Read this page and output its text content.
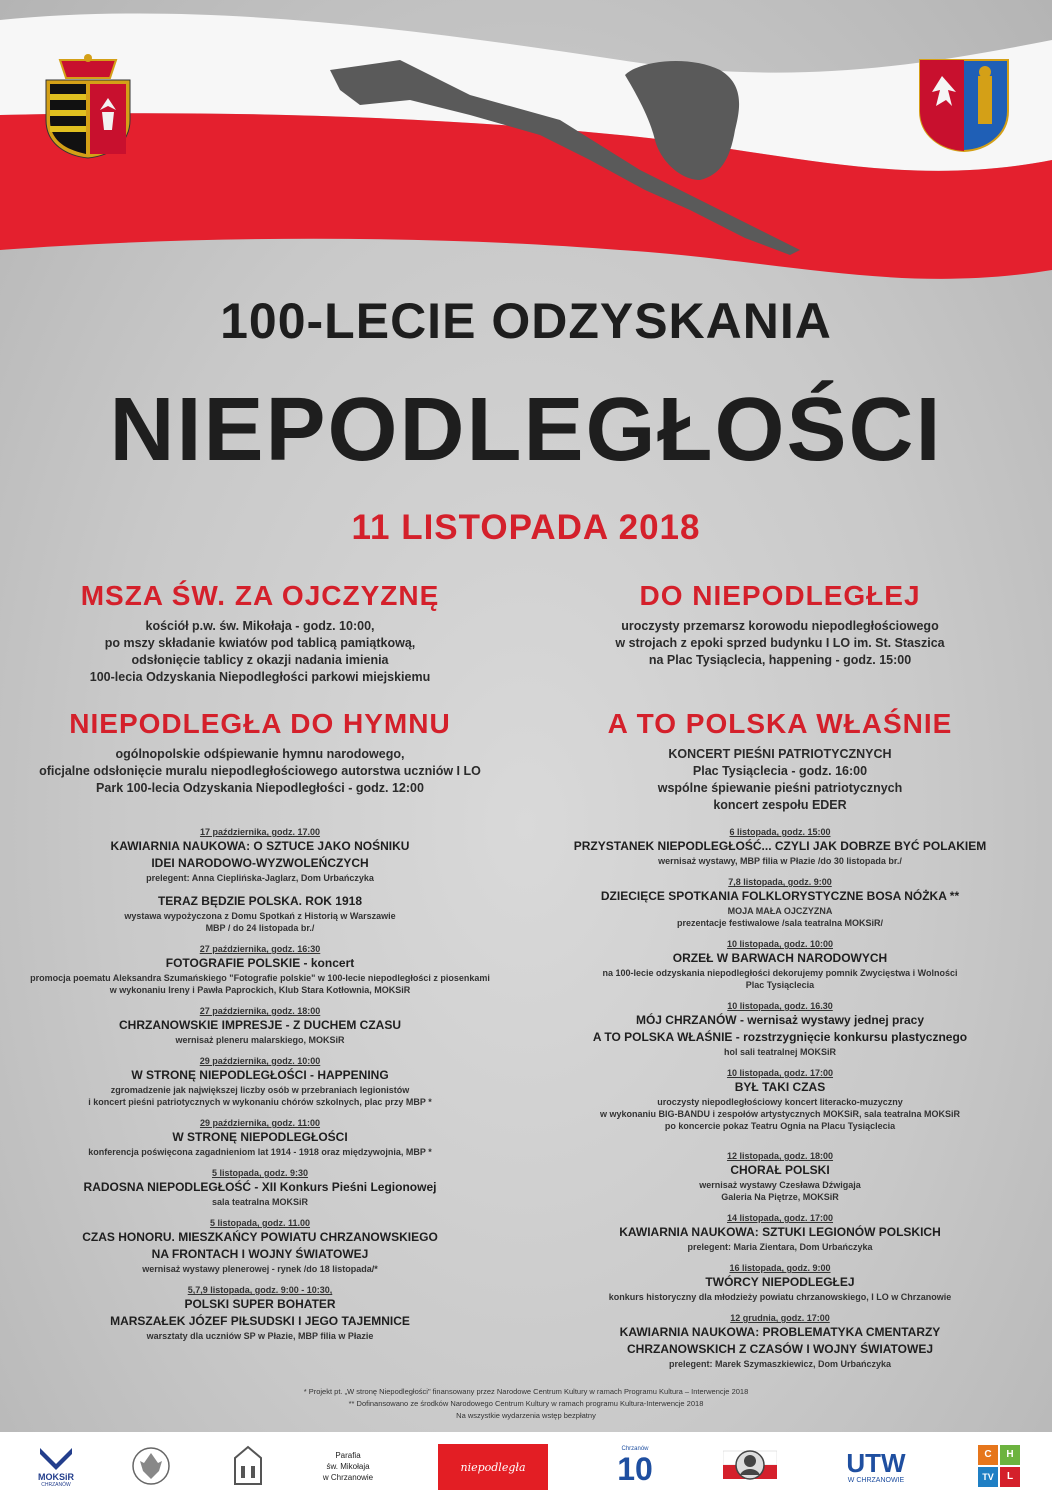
100-LECIE ODZYSKANIA
NIEPODLEGŁOŚCI
11 LISTOPADA 2018
MSZA ŚW. ZA OJCZYZNĘ

kościół p.w. św. Mikołaja - godz. 10:00,

po mszy składanie kwiatów pod tablicą pamiątkową,

odsłonięcie tablicy z okazji nadania imienia

100-lecia Odzyskania Niepodległości parkowi miejskiemu

DO NIEPODLEGŁEJ

uroczysty przemarsz korowodu niepodległościowego

w strojach z epoki sprzed budynku I LO im. St. Staszica

na Plac Tysiąclecia, happening - godz. 15:00

NIEPODLEGŁA DO HYMNU

ogólnopolskie odśpiewanie hymnu narodowego,

oficjalne odsłonięcie muralu niepodległościowego autorstwa uczniów I LO

Park 100-lecia Odzyskania Niepodległości - godz. 12:00

A TO POLSKA WŁAŚNIE

KONCERT PIEŚNI PATRIOTYCZNYCH

Plac Tysiąclecia - godz. 16:00

wspólne śpiewanie pieśni patriotycznych

koncert zespołu EDER

17 października, godz. 17.00
KAWIARNIA NAUKOWA: O SZTUCE JAKO NOŚNIKU
IDEI NARODOWO-WYZWOLEŃCZYCH
prelegent: Anna Cieplińska-Jaglarz, Dom Urbańczyka
TERAZ BĘDZIE POLSKA. ROK 1918
wystawa wypożyczona z Domu Spotkań z Historią w Warszawie
MBP / do 24 listopada br./
27 października, godz. 16:30
FOTOGRAFIE POLSKIE - koncert
promocja poematu Aleksandra Szumańskiego "Fotografie polskie" w 100-lecie niepodległości z piosenkami
w wykonaniu Ireny i Pawła Paprockich, Klub Stara Kotłownia, MOKSiR
27 października, godz. 18:00
CHRZANOWSKIE IMPRESJE - Z DUCHEM CZASU
wernisaż pleneru malarskiego, MOKSiR
29 października, godz. 10:00
W STRONĘ NIEPODLEGŁOŚCI - HAPPENING
zgromadzenie jak największej liczby osób w przebraniach legionistów
i koncert pieśni patriotycznych w wykonaniu chórów szkolnych, plac przy MBP *
29 października, godz. 11:00
W STRONĘ NIEPODLEGŁOŚCI
konferencja poświęcona zagadnieniom lat 1914 - 1918 oraz międzywojnia, MBP *
5 listopada, godz. 9:30
RADOSNA NIEPODLEGŁOŚĆ - XII Konkurs Pieśni Legionowej
sala teatralna MOKSiR
5 listopada, godz. 11.00
CZAS HONORU. MIESZKAŃCY POWIATU CHRZANOWSKIEGO
NA FRONTACH I WOJNY ŚWIATOWEJ
wernisaż wystawy plenerowej - rynek /do 18 listopada/*
5,7,9 listopada, godz. 9:00 - 10:30,
POLSKI SUPER BOHATER
MARSZAŁEK JÓZEF PIŁSUDSKI I JEGO TAJEMNICE
warsztaty dla uczniów SP w Płazie, MBP filia w Płazie
6 listopada, godz. 15:00
PRZYSTANEK NIEPODLEGŁOŚĆ... CZYLI JAK DOBRZE BYĆ POLAKIEM
wernisaż wystawy, MBP filia w Płazie /do 30 listopada br./
7,8 listopada, godz. 9:00
DZIECIĘCE SPOTKANIA FOLKLORYSTYCZNE BOSA NÓŻKA **
MOJA MAŁA OJCZYZNA
prezentacje festiwalowe /sala teatralna MOKSiR/
10 listopada, godz. 10:00
ORZEŁ W BARWACH NARODOWYCH
na 100-lecie odzyskania niepodległości dekorujemy pomnik Zwycięstwa i Wolności
Plac Tysiąclecia
10 listopada, godz. 16.30
MÓJ CHRZANÓW - wernisaż wystawy jednej pracy
A TO POLSKA WŁAŚNIE - rozstrzygnięcie konkursu plastycznego
hol sali teatralnej MOKSiR
10 listopada, godz. 17:00
BYŁ TAKI CZAS
uroczysty niepodległościowy koncert literacko-muzyczny
w wykonaniu BIG-BANDU i zespołów artystycznych MOKSiR, sala teatralna MOKSiR
po koncercie pokaz Teatru Ognia na Placu Tysiąclecia
12 listopada, godz. 18:00
CHORAŁ POLSKI
wernisaż wystawy Czesława Dźwigaja
Galeria Na Piętrze, MOKSiR
14 listopada, godz. 17:00
KAWIARNIA NAUKOWA: SZTUKI LEGIONÓW POLSKICH
prelegent: Maria Zientara, Dom Urbańczyka
16 listopada, godz. 9:00
TWÓRCY NIEPODLEGŁEJ
konkurs historyczny dla młodzieży powiatu chrzanowskiego, I LO w Chrzanowie
12 grudnia, godz. 17:00
KAWIARNIA NAUKOWA: PROBLEMATYKA CMENTARZY
CHRZANOWSKICH Z CZASÓW I WOJNY ŚWIATOWEJ
prelegent: Marek Szymaszkiewicz, Dom Urbańczyka
* Projekt pt. „W stronę Niepodległości" finansowany przez Narodowe Centrum Kultury w ramach Programu Kultura – Interwencje 2018
** Dofinansowano ze środków Narodowego Centrum Kultury w ramach programu Kultura-Interwencje 2018
Na wszystkie wydarzenia wstęp bezpłatny
MOKSiR
CHRZANÓW
Parafia
św. Mikołaja
w Chrzanowie
niepodległa
Chrzanów
10	UTW
W CHRZANOWIE
C	H
TV	L
